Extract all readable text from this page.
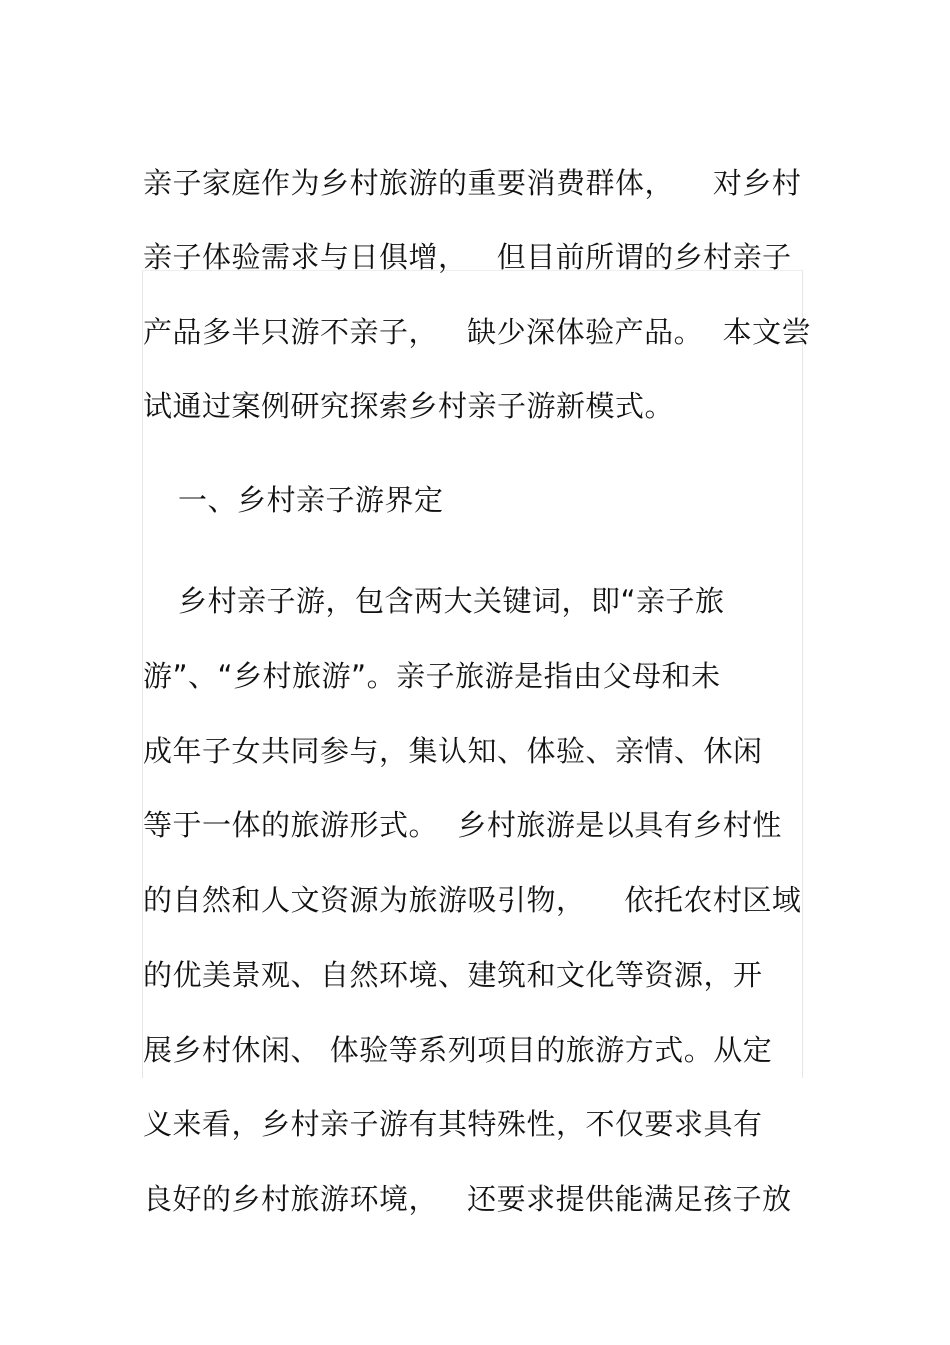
亲子家庭作为乡村旅游的重要消费群体，    对乡村
亲子体验需求与日俱增，   但目前所谓的乡村亲子
产品多半只游不亲子，   缺少深体验产品。  本文尝
试通过案例研究探索乡村亲子游新模式。
一、乡村亲子游界定
乡村亲子游，包含两大关键词，即“亲子旅
游”、“乡村旅游”。亲子旅游是指由父母和未
成年子女共同参与，集认知、体验、亲情、休闲
等于一体的旅游形式。  乡村旅游是以具有乡村性
的自然和人文资源为旅游吸引物，    依托农村区域
的优美景观、自然环境、建筑和文化等资源，开
展乡村休闲、 体验等系列项目的旅游方式。从定
义来看，乡村亲子游有其特殊性，不仅要求具有
良好的乡村旅游环境，   还要求提供能满足孩子放
